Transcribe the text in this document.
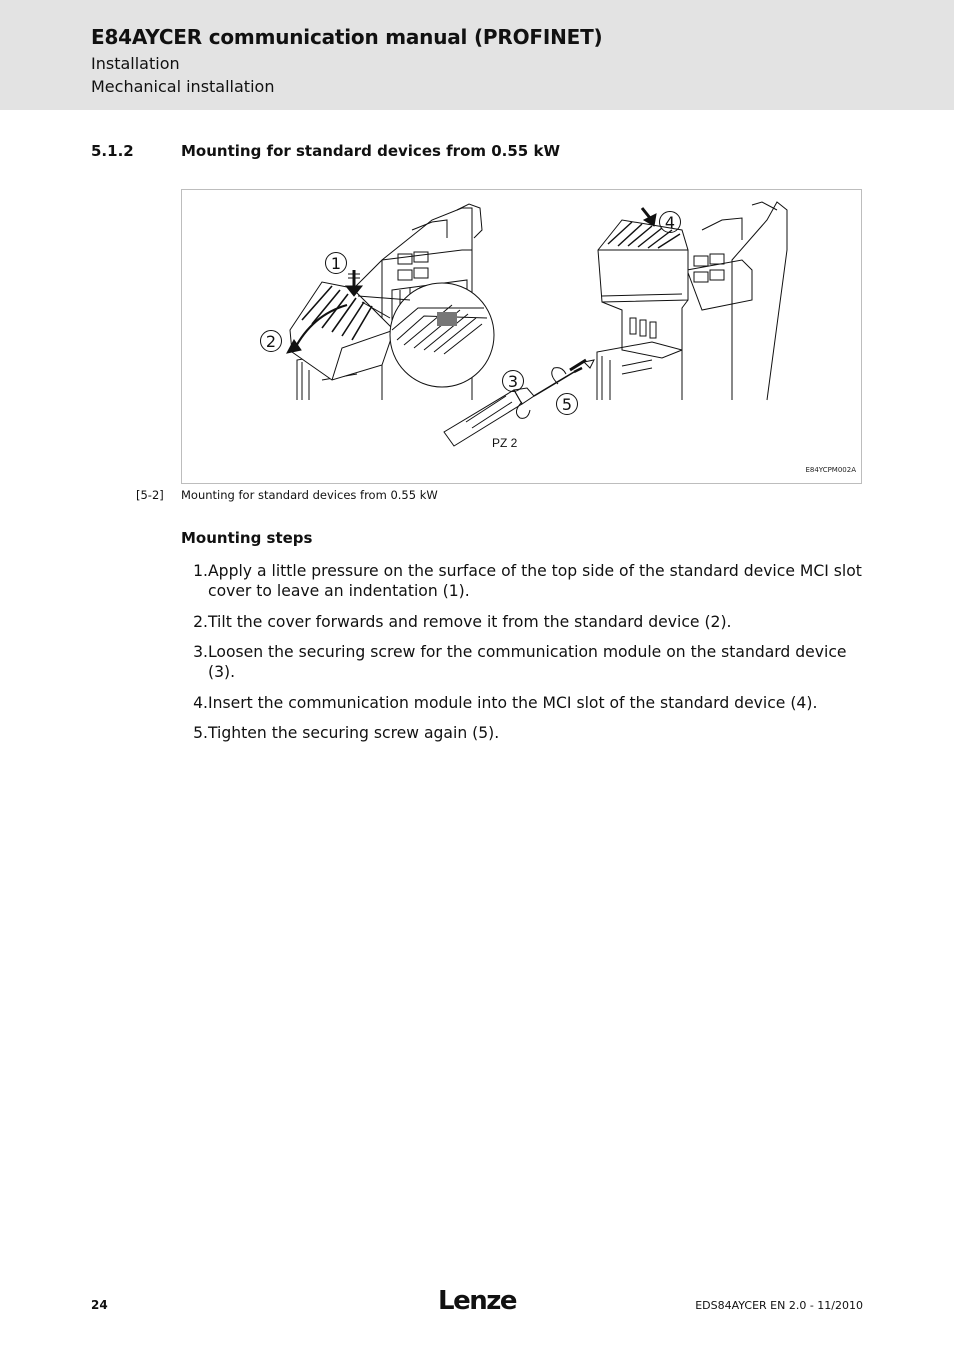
E84AYCER communication manual (PROFINET)
Installation
Mechanical installation
5.1.2	Mounting for standard devices from 0.55 kW
1
2
3
4
5
PZ 2
E84YCPM002A
[5-2] Mounting for standard devices from 0.55 kW
Mounting steps
1. Apply a little pressure on the surface of the top side of the standard device MCI slot cover to leave an indentation (1).
2. Tilt the cover forwards and remove it from the standard device (2).
3. Loosen the securing screw for the communication module on the standard device (3).
4. Insert the communication module into the MCI slot of the standard device (4).
5. Tighten the securing screw again (5).
24	Lenze	EDS84AYCER EN 2.0 - 11/2010
